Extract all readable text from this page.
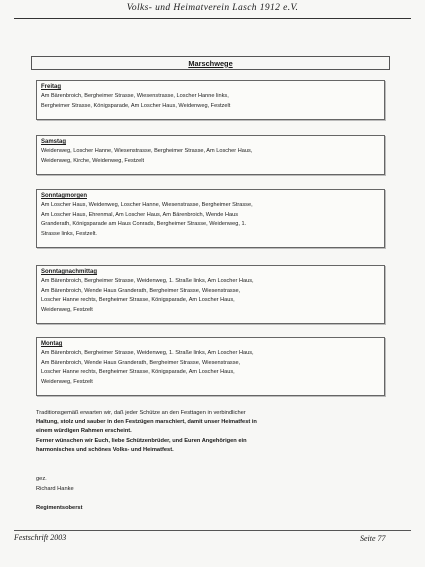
Volks- und Heimatverein Lasch 1912 e.V.
Marschwege
Freitag
Am Bärenbroich, Bergheimer Strasse, Wiesenstrasse, Loscher Hanne links,
Bergheimer Strasse, Königsparade, Am Loscher Haus, Weidenweg, Festzelt
Samstag
Weidenweg, Loscher Hanne, Wiesenstrasse, Bergheimer Strasse, Am Loscher Haus,
Weidenweg, Kirche, Weidenweg, Festzelt
Sonntagmorgen
Am Loscher Haus, Weidenweg, Loscher Hanne, Wiesenstrasse, Bergheimer Strasse,
Am Loscher Haus, Ehrenmal, Am Loscher Haus, Am Bärenbroich, Wende Haus
Granderath, Königsparade am Haus Conrads, Bergheimer Strasse, Weidenweg, 1.
Strasse links, Festzelt.
Sonntagnachmittag
Am Bärenbroich, Bergheimer Strasse, Weidenweg, 1. Straße links, Am Loscher Haus,
Am Bärenbroich, Wende Haus Granderath, Bergheimer Strasse, Wiesenstrasse,
Loscher Hanne rechts, Bergheimer Strasse, Königsparade, Am Loscher Haus,
Weidenweg, Festzelt
Montag
Am Bärenbroich, Bergheimer Strasse, Weidenweg, 1. Straße links, Am Loscher Haus,
Am Bärenbroich, Wende Haus Granderath, Bergheimer Strasse, Wiesenstrasse,
Loscher Hanne rechts, Bergheimer Strasse, Königsparade, Am Loscher Haus,
Weidenweg, Festzelt
Traditionsgemäß erwarten wir, daß jeder Schütze an den Festtagen in verbindlicher
Haltung, stolz und sauber in den Festzügen marschiert, damit unser Heimatfest in
einem würdigen Rahmen erscheint.
Ferner wünschen wir Euch, liebe Schützenbrüder, und Euren Angehörigen ein
harmonisches und schönes Volks- und Heimatfest.
gez.
Richard Hanke
Regimentsoberst
Festschrift 2003	Seite 77
